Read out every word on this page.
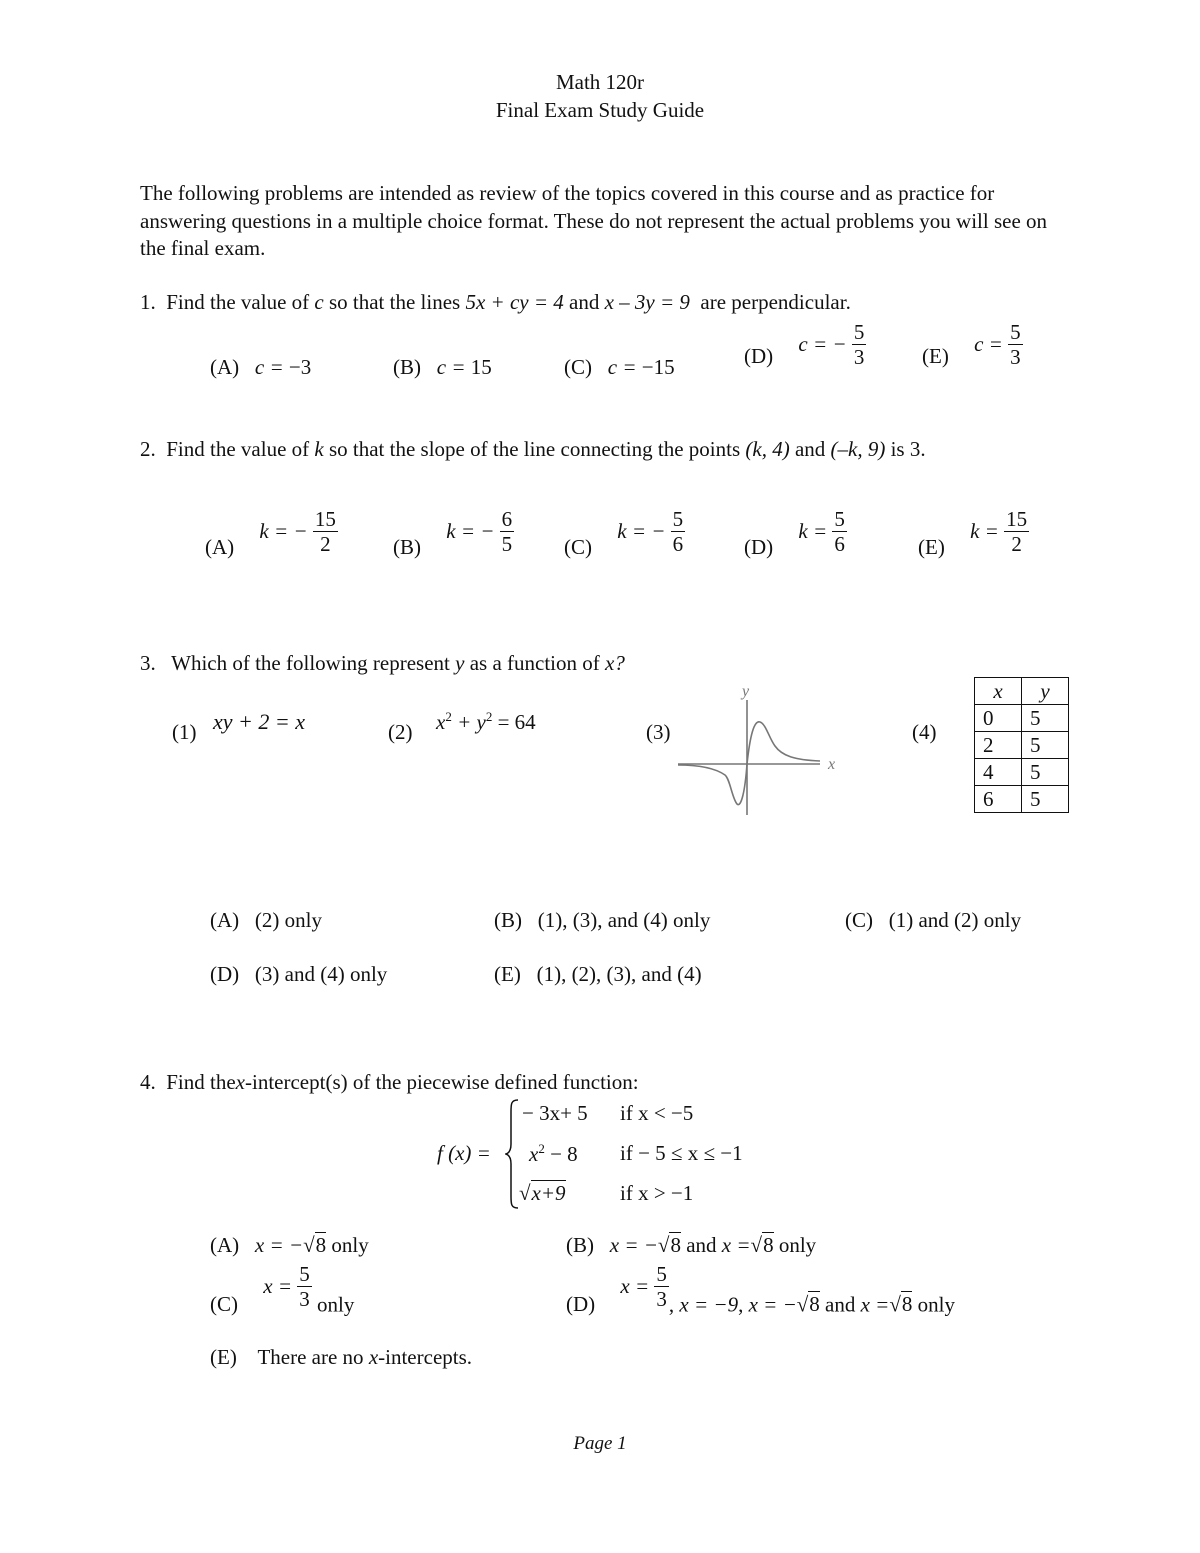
Math 120r
Final Exam Study Guide
The following problems are intended as review of the topics covered in this course and as practice for answering questions in a multiple choice format. These do not represent the actual problems you will see on the final exam.
1. Find the value of c so that the lines 5x + cy = 4 and x – 3y = 9 are perpendicular.
(A) c = −3	(B) c = 15	(C) c = −15	(D) c = − $\frac{5}{3}$	(E) $c = \frac{5}{3}$
2. Find the value of k so that the slope of the line connecting the points (k, 4) and (–k, 9) is 3.
(A) k = − $\frac{15}{2}$	(B) k = − $\frac{6}{5} (C) k$ = − $\frac{5}{6}$	(D) $k = \frac{5}{6}$	(E) $k = \frac{15}{2}$
3. Which of the following represent y as a function of x?
(1) xy + 2 = x	(2) $x^2 + y^2 = 64$	(3)
x
y
(4)
x	y
0	5
2	5
4	5
6	5
(A) (2) only	(B) (1), (3), and (4) only	(C) (1) and (2) only
(D) (3) and (4) only	(E) (1), (2), (3), and (4)
4. Find thex-intercept(s) of the piecewise defined function:
f (x) =
− 3x+ 5 if x < −5
$x^2 - 8$ if − 5 ≤ x ≤ −1
√x+9	if x > −1
(A) x = −√8 only	(B) x = −√8 and x =√8 only
(C) $x = \frac{5}{3}$ only	(D) $x = \frac{5}{3}$ , x = −9, x = −√8 and x =√8 only
(E) There are no x-intercepts.
Page 1
